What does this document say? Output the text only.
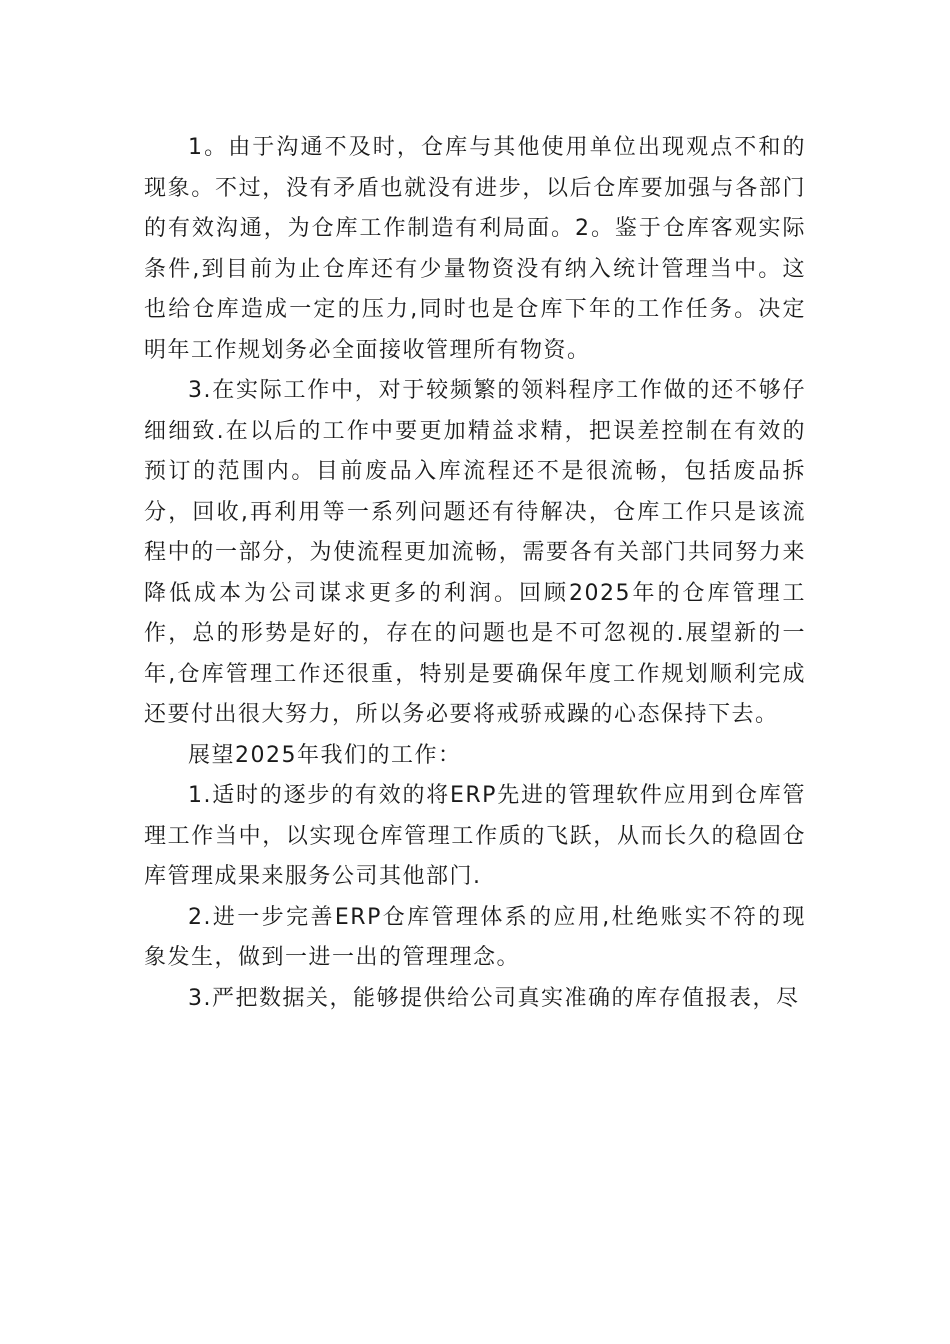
1。由于沟通不及时，仓库与其他使用单位出现观点不和的现象。不过，没有矛盾也就没有进步，以后仓库要加强与各部门的有效沟通，为仓库工作制造有利局面。2。鉴于仓库客观实际条件,到目前为止仓库还有少量物资没有纳入统计管理当中。这也给仓库造成一定的压力,同时也是仓库下年的工作任务。决定明年工作规划务必全面接收管理所有物资。

3.在实际工作中，对于较频繁的领料程序工作做的还不够仔细细致.在以后的工作中要更加精益求精，把误差控制在有效的预订的范围内。目前废品入库流程还不是很流畅，包括废品拆分，回收,再利用等一系列问题还有待解决，仓库工作只是该流程中的一部分，为使流程更加流畅，需要各有关部门共同努力来降低成本为公司谋求更多的利润。回顾2025年的仓库管理工作，总的形势是好的，存在的问题也是不可忽视的.展望新的一年,仓库管理工作还很重，特别是要确保年度工作规划顺利完成还要付出很大努力，所以务必要将戒骄戒躁的心态保持下去。

展望2025年我们的工作：

1.适时的逐步的有效的将ERP先进的管理软件应用到仓库管理工作当中，以实现仓库管理工作质的飞跃，从而长久的稳固仓库管理成果来服务公司其他部门.

2.进一步完善ERP仓库管理体系的应用,杜绝账实不符的现象发生，做到一进一出的管理理念。

3.严把数据关，能够提供给公司真实准确的库存值报表，尽
